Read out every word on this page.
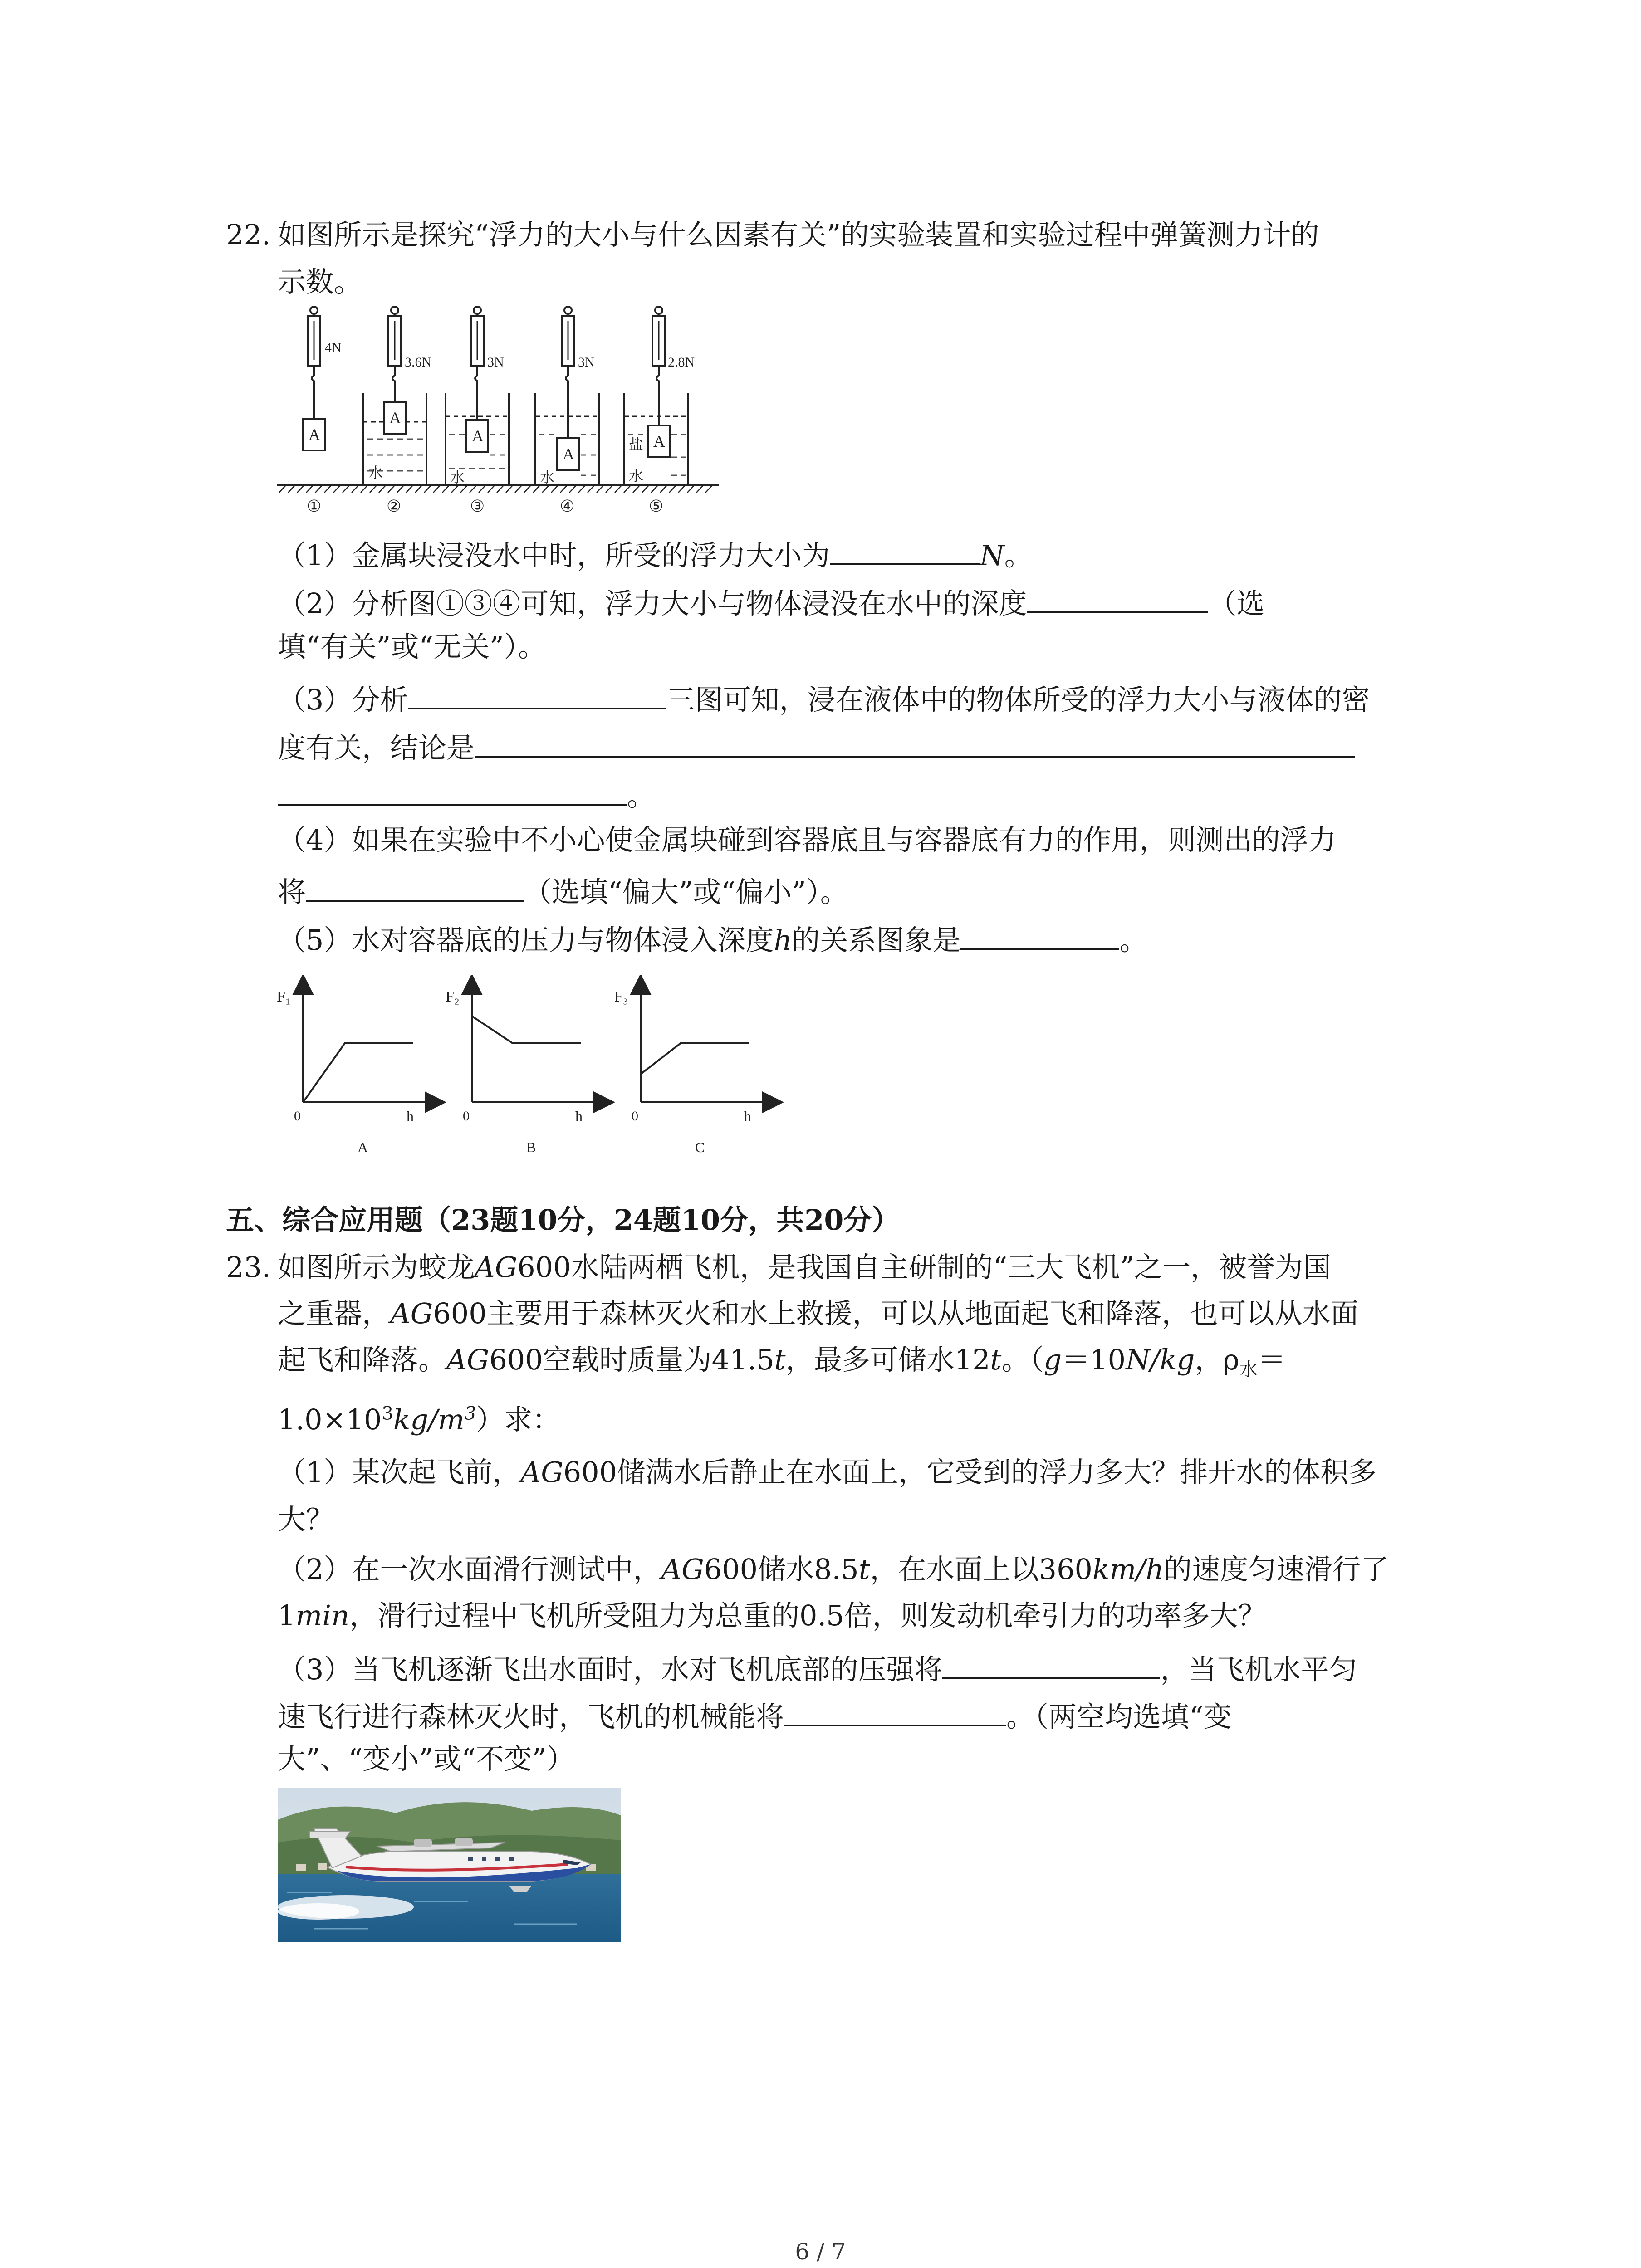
22. 如图所示是探究“浮力的大小与什么因素有关”的实验装置和实验过程中弹簧测力计的
示数。
4N
3.6N	3N	3N	2.8N
A
A
A
A
A
水	水	水
盐
水
①	②	③	④	⑤
（1）金属块浸没水中时，所受的浮力大小为	N。
（2）分析图①③④可知，浮力大小与物体浸没在水中的深度	（选
填“有关”或“无关”）。
（3）分析	三图可知，浸在液体中的物体所受的浮力大小与液体的密
度有关，结论是
。
（4）如果在实验中不小心使金属块碰到容器底且与容器底有力的作用，则测出的浮力
将	（选填“偏大”或“偏小”）。
（5）水对容器底的压力与物体浸入深度h的关系图象是	。
F₁
0	h
A
F₂
0	h
B
F₃
0	h
C
五、综合应用题（23题10分，24题10分，共20分）
23. 如图所示为蛟龙AG600水陆两栖飞机，是我国自主研制的“三大飞机”之一，被誉为国
之重器，AG600主要用于森林灭火和水上救援，可以从地面起飞和降落，也可以从水面
起飞和降落。AG600空载时质量为41.5t，最多可储水12t。（g＝10N/kg，$\rho_水=$
$1.0\times 10^3kg/m^3$）求：
（1）某次起飞前，AG600储满水后静止在水面上，它受到的浮力多大？排开水的体积多
大？
（2）在一次水面滑行测试中，AG600储水8.5t，在水面上以360km/h的速度匀速滑行了
1min，滑行过程中飞机所受阻力为总重的0.5倍，则发动机牵引力的功率多大？
（3）当飞机逐渐飞出水面时，水对飞机底部的压强将	，当飞机水平匀
速飞行进行森林灭火时，飞机的机械能将	。（两空均选填“变
大”、“变小”或“不变”）
6 / 7
